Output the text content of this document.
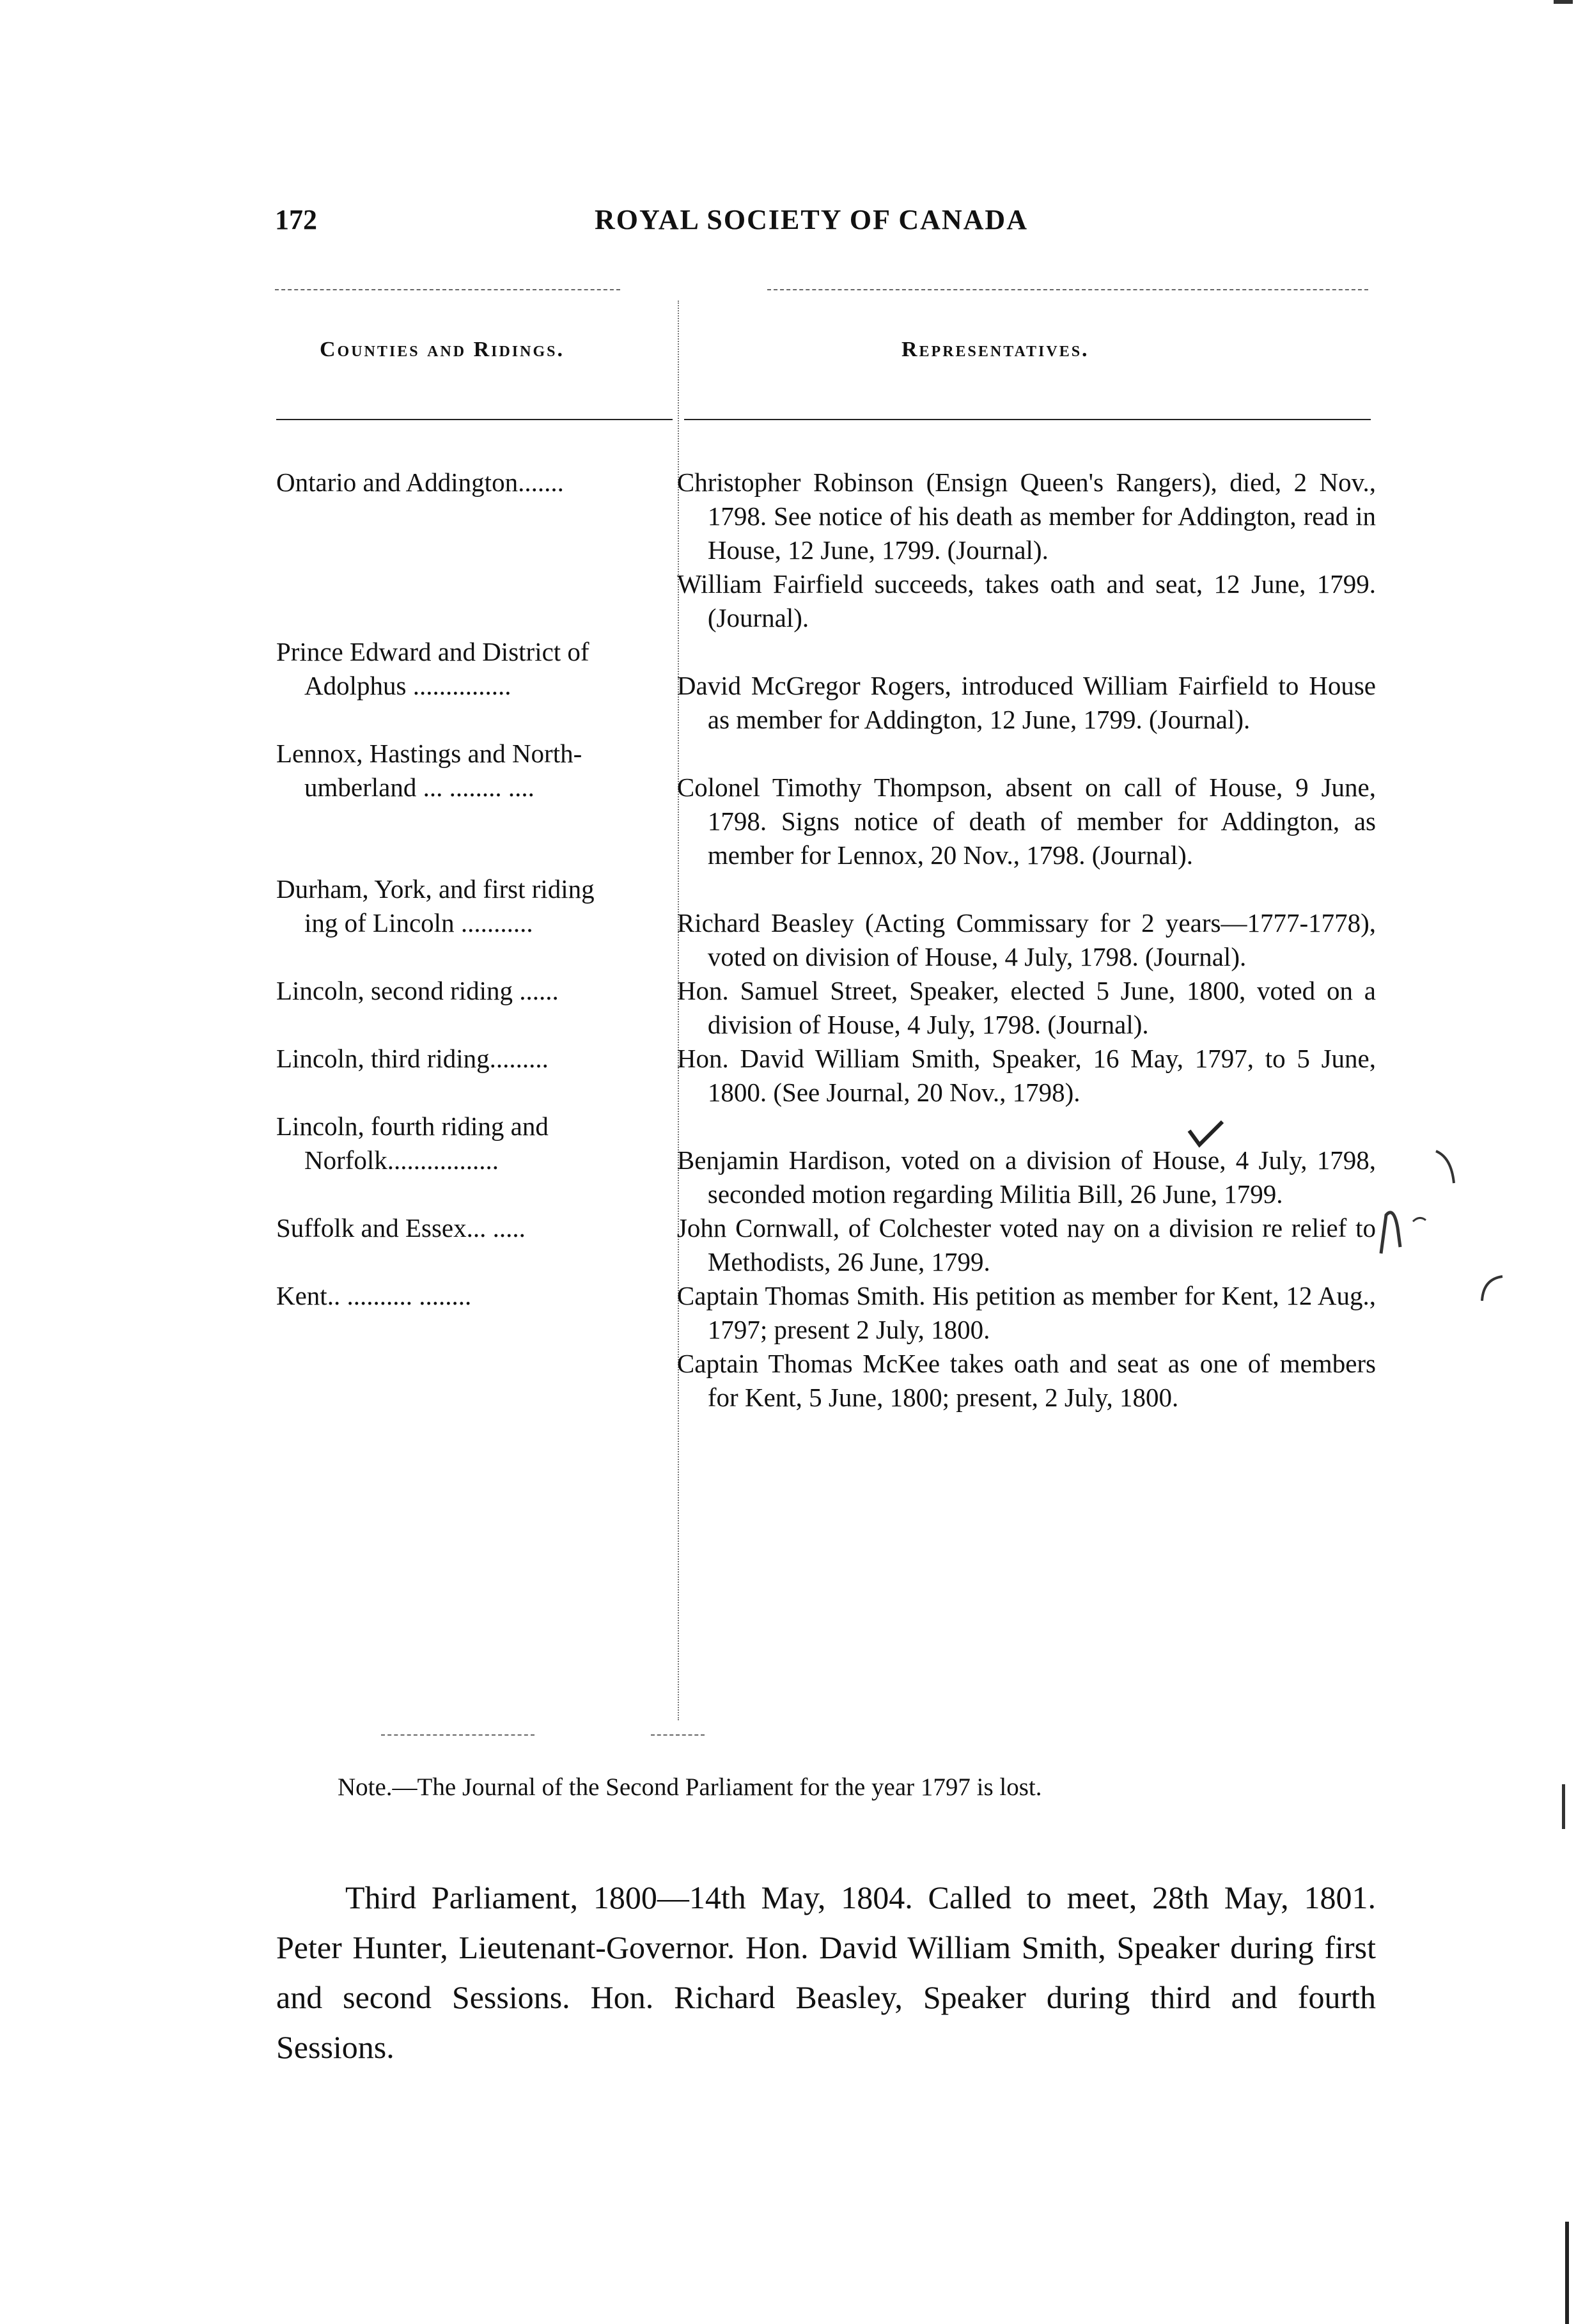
172	ROYAL SOCIETY OF CANADA
Counties and Ridings.	Representatives.
Ontario and Addington.......	Christopher Robinson (Ensign Queen's Rangers), died, 2 Nov., 1798. See notice of his death as member for Addington, read in House, 12 June, 1799. (Journal).

William Fairfield succeeds, takes oath and seat, 12 June, 1799. (Journal).

Prince Edward and District of
Adolphus ...............	David McGregor Rogers, introduced William Fairfield to House as member for Addington, 12 June, 1799. (Journal).

Lennox, Hastings and North-
umberland ... ........ ....	Colonel Timothy Thompson, absent on call of House, 9 June, 1798. Signs notice of death of member for Addington, as member for Lennox, 20 Nov., 1798. (Journal).

Durham, York, and first riding
ing of Lincoln ...........	Richard Beasley (Acting Commissary for 2 years—1777-1778), voted on division of House, 4 July, 1798. (Journal).

Lincoln, second riding ......	Hon. Samuel Street, Speaker, elected 5 June, 1800, voted on a division of House, 4 July, 1798. (Journal).

Lincoln, third riding.........	Hon. David William Smith, Speaker, 16 May, 1797, to 5 June, 1800. (See Journal, 20 Nov., 1798).

Lincoln, fourth riding and
Norfolk.................	Benjamin Hardison, voted on a division of House, 4 July, 1798, seconded motion regarding Militia Bill, 26 June, 1799.

Suffolk and Essex... .....	John Cornwall, of Colchester voted nay on a division re relief to Methodists, 26 June, 1799.

Kent.. .......... ........	Captain Thomas Smith. His petition as member for Kent, 12 Aug., 1797; present 2 July, 1800.

Captain Thomas McKee takes oath and seat as one of members for Kent, 5 June, 1800; present, 2 July, 1800.

Note.—The Journal of the Second Parliament for the year 1797 is lost.

Third Parliament, 1800—14th May, 1804. Called to meet, 28th May, 1801. Peter Hunter, Lieutenant-Governor. Hon. David William Smith, Speaker during first and second Sessions. Hon. Richard Beasley, Speaker during third and fourth Sessions.
